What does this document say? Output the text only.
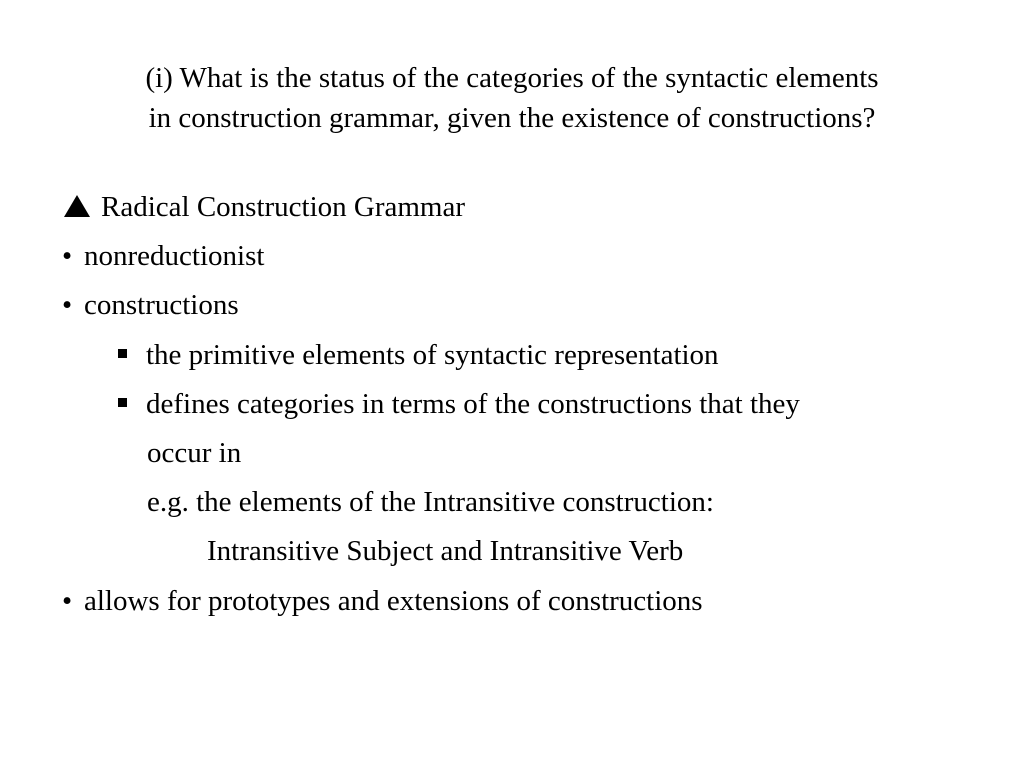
(i) What is the status of the categories of the syntactic elements
in construction grammar, given the existence of constructions?
Radical Construction Grammar
• nonreductionist
• constructions
the primitive elements of syntactic representation
defines categories in terms of the constructions that they
occur in
e.g. the elements of the Intransitive construction:
Intransitive Subject and Intransitive Verb
• allows for prototypes and extensions of constructions
